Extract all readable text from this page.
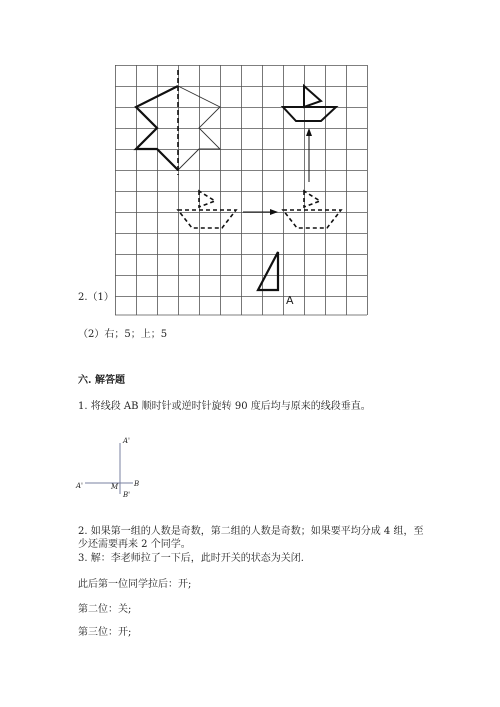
2.（1）	A
（2）右；5；上；5
六. 解答题
1. 将线段 AB 顺时针或逆时针旋转 90 度后均与原来的线段垂直。
A'
A'	M B
B'
2. 如果第一组的人数是奇数，第二组的人数是奇数；如果要平均分成 4 组，至
少还需要再来 2 个同学。
3. 解：李老师拉了一下后，此时开关的状态为关闭.
此后第一位同学拉后：开;
第二位：关;
第三位：开;
